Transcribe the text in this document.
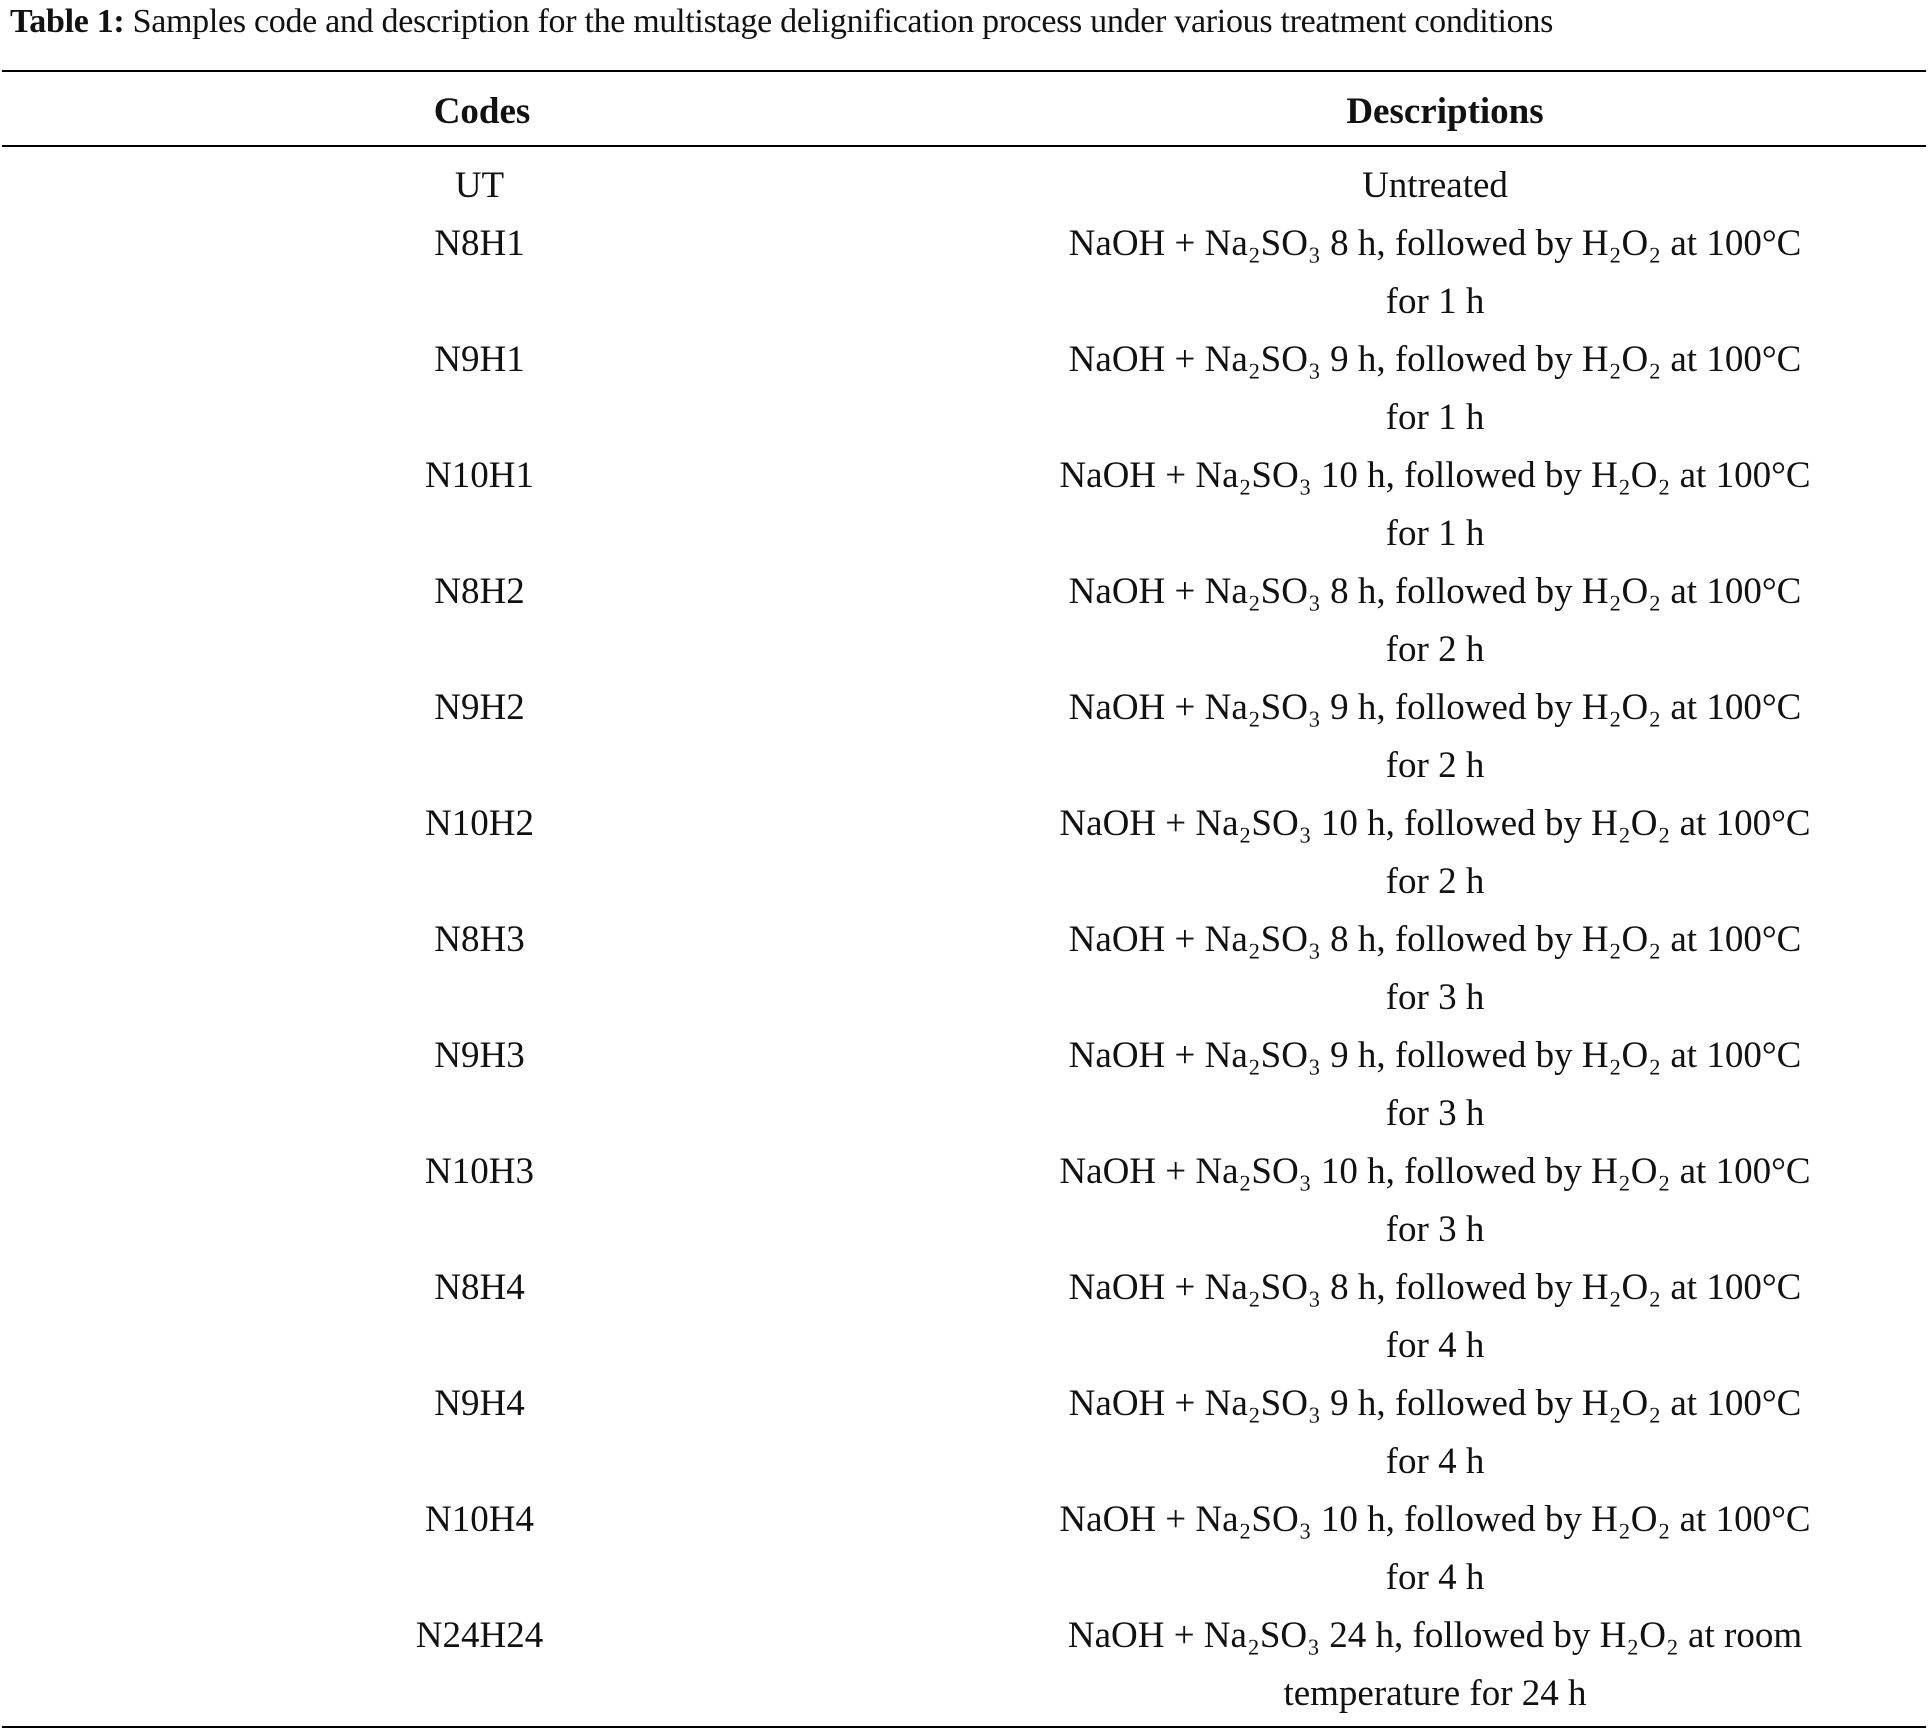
Table 1: Samples code and description for the multistage delignification process under various treatment conditions
Codes	Descriptions
UT	Untreated
N8H1	NaOH + Na₂SO₃ 8 h, followed by H₂O₂ at 100°C
for 1 h
N9H1	NaOH + Na₂SO₃ 9 h, followed by H₂O₂ at 100°C
for 1 h
N10H1	NaOH + Na₂SO₃ 10 h, followed by H₂O₂ at 100°C
for 1 h
N8H2	NaOH + Na₂SO₃ 8 h, followed by H₂O₂ at 100°C
for 2 h
N9H2	NaOH + Na₂SO₃ 9 h, followed by H₂O₂ at 100°C
for 2 h
N10H2	NaOH + Na₂SO₃ 10 h, followed by H₂O₂ at 100°C
for 2 h
N8H3	NaOH + Na₂SO₃ 8 h, followed by H₂O₂ at 100°C
for 3 h
N9H3	NaOH + Na₂SO₃ 9 h, followed by H₂O₂ at 100°C
for 3 h
N10H3	NaOH + Na₂SO₃ 10 h, followed by H₂O₂ at 100°C
for 3 h
N8H4	NaOH + Na₂SO₃ 8 h, followed by H₂O₂ at 100°C
for 4 h
N9H4	NaOH + Na₂SO₃ 9 h, followed by H₂O₂ at 100°C
for 4 h
N10H4	NaOH + Na₂SO₃ 10 h, followed by H₂O₂ at 100°C
for 4 h
N24H24	NaOH + Na₂SO₃ 24 h, followed by H₂O₂ at room
temperature for 24 h
